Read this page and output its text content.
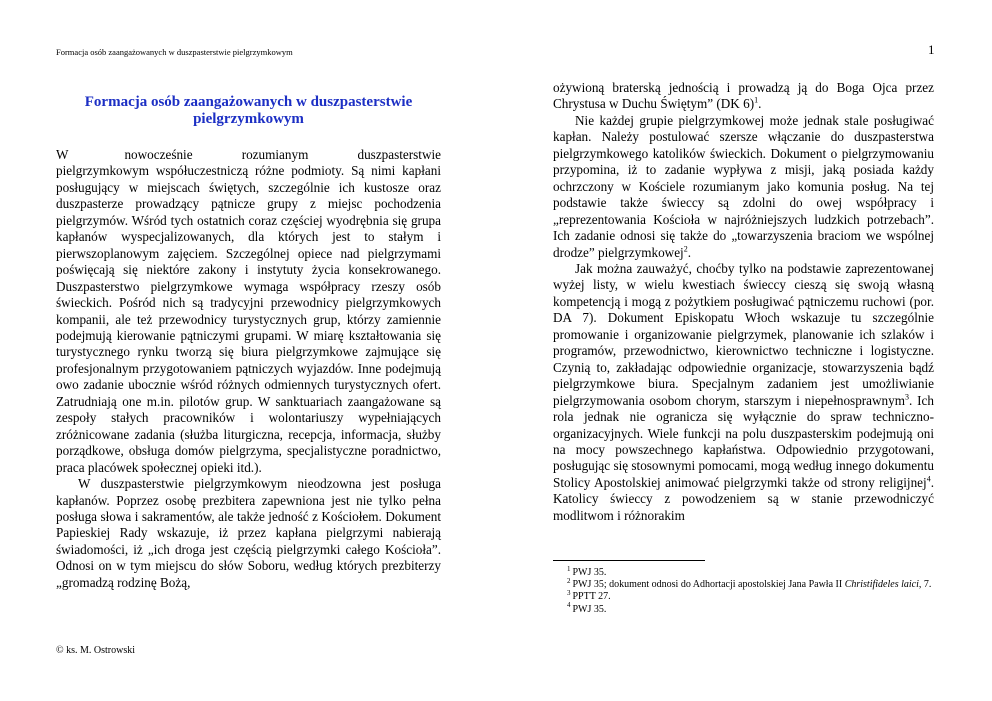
Formacja osób zaangażowanych w duszpasterstwie pielgrzymkowym	1
Formacja osób zaangażowanych w duszpasterstwie pielgrzymkowym

W	nowocześnie rozumianym duszpasterstwie pielgrzymkowym współuczestniczą różne podmioty. Są nimi kapłani posługujący w miejscach świętych, szczególnie ich kustosze oraz duszpasterze prowadzący pątnicze grupy z miejsc pochodzenia pielgrzymów. Wśród tych ostatnich coraz częściej wyodrębnia się grupa kapłanów wyspecjalizowanych, dla których jest to stałym i pierwszoplanowym zajęciem. Szczególnej opiece nad pielgrzymami poświęcają się niektóre zakony i instytuty życia konsekrowanego. Duszpasterstwo pielgrzymkowe wymaga współpracy rzeszy osób świeckich. Pośród nich są tradycyjni przewodnicy pielgrzymkowych kompanii, ale też przewodnicy turystycznych grup, którzy zamiennie podejmują kierowanie pątniczymi grupami. W miarę kształtowania się turystycznego rynku tworzą się biura pielgrzymkowe zajmujące się profesjonalnym przygotowaniem pątniczych wyjazdów. Inne podejmują owo zadanie ubocznie wśród różnych odmiennych turystycznych ofert. Zatrudniają one m.in. pilotów grup. W sanktuariach zaangażowane są zespoły stałych pracowników i wolontariuszy wypełniających zróżnicowane zadania (służba liturgiczna, recepcja, informacja, służby porządkowe, obsługa domów pielgrzyma, specjalistyczne poradnictwo, praca placówek społecznej opieki itd.).

W duszpasterstwie pielgrzymkowym nieodzowna jest posługa kapłanów. Poprzez osobę prezbitera zapewniona jest nie tylko pełna posługa słowa i sakramentów, ale także jedność z Kościołem. Dokument Papieskiej Rady wskazuje, iż przez kapłana pielgrzymi nabierają świadomości, iż „ich droga jest częścią pielgrzymki całego Kościoła”. Odnosi on w tym miejscu do słów Soboru, według których prezbiterzy „gromadzą rodzinę Bożą,

ożywioną braterską jednością i prowadzą ją do Boga Ojca przez Chrystusa w Duchu Świętym” (DK 6)$^1$.

Nie każdej grupie pielgrzymkowej może jednak stale posługiwać kapłan. Należy postulować szersze włączanie do duszpasterstwa pielgrzymkowego katolików świeckich. Dokument o pielgrzymowaniu przypomina, iż to zadanie wypływa z misji, jaką posiada każdy ochrzczony w Kościele rozumianym jako komunia posług. Na tej podstawie także świeccy są zdolni do owej współpracy i „reprezentowania Kościoła w najróżniejszych ludzkich potrzebach”. Ich zadanie odnosi się także do „towarzyszenia braciom we wspólnej drodze” pielgrzymkowej$^2$.

Jak można zauważyć, choćby tylko na podstawie zaprezentowanej wyżej listy, w wielu kwestiach świeccy cieszą się swoją własną kompetencją i mogą z pożytkiem posługiwać pątniczemu ruchowi (por. DA 7). Dokument Episkopatu Włoch wskazuje tu szczególnie promowanie i organizowanie pielgrzymek, planowanie ich szlaków i programów, przewodnictwo, kierownictwo techniczne i logistyczne. Czynią to, zakładając odpowiednie organizacje, stowarzyszenia bądź pielgrzymkowe biura. Specjalnym zadaniem jest umożliwianie pielgrzymowania osobom chorym, starszym i niepełnosprawnym$^3$. Ich rola jednak nie ogranicza się wyłącznie do spraw techniczno-organizacyjnych. Wiele funkcji na polu duszpasterskim podejmują oni na mocy powszechnego kapłaństwa. Odpowiednio przygotowani, posługując się stosownymi pomocami, mogą według innego dokumentu Stolicy Apostolskiej animować pielgrzymki także od strony religijnej$^4$. Katolicy świeccy z powodzeniem są w stanie przewodniczyć modlitwom i różnorakim

$^1$ PWJ 35.

$^2$ PWJ 35; dokument odnosi do Adhortacji apostolskiej Jana Pawła II Christifideles laici, 7.

$^3$ PPTT 27.

$^4$ PWJ 35.

© ks. M. Ostrowski
